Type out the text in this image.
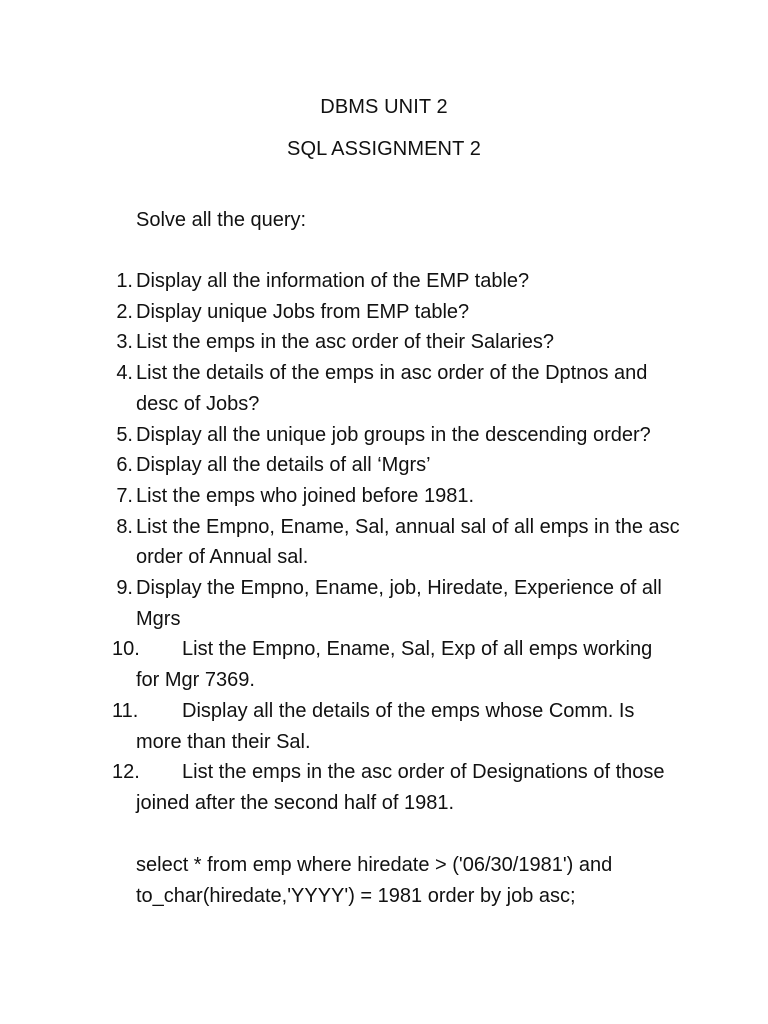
DBMS UNIT 2
SQL ASSIGNMENT 2
Solve all the query:
1. Display all the information of the EMP table?
2. Display unique Jobs from EMP table?
3. List the emps in the asc order of their Salaries?
4. List the details of the emps in asc order of the Dptnos and desc of Jobs?
5. Display all the unique job groups in the descending order?
6. Display all the details of all ‘Mgrs’
7. List the emps who joined before 1981.
8. List the Empno, Ename, Sal, annual sal of all emps in the asc order of Annual sal.
9. Display the Empno, Ename, job, Hiredate, Experience of all Mgrs
10. List the Empno, Ename, Sal, Exp of all emps working for Mgr 7369.
11. Display all the details of the emps whose Comm. Is more than their Sal.
12. List the emps in the asc order of Designations of those joined after the second half of 1981.
select * from emp where hiredate > ('06/30/1981') and to_char(hiredate,'YYYY') = 1981 order by job asc;
